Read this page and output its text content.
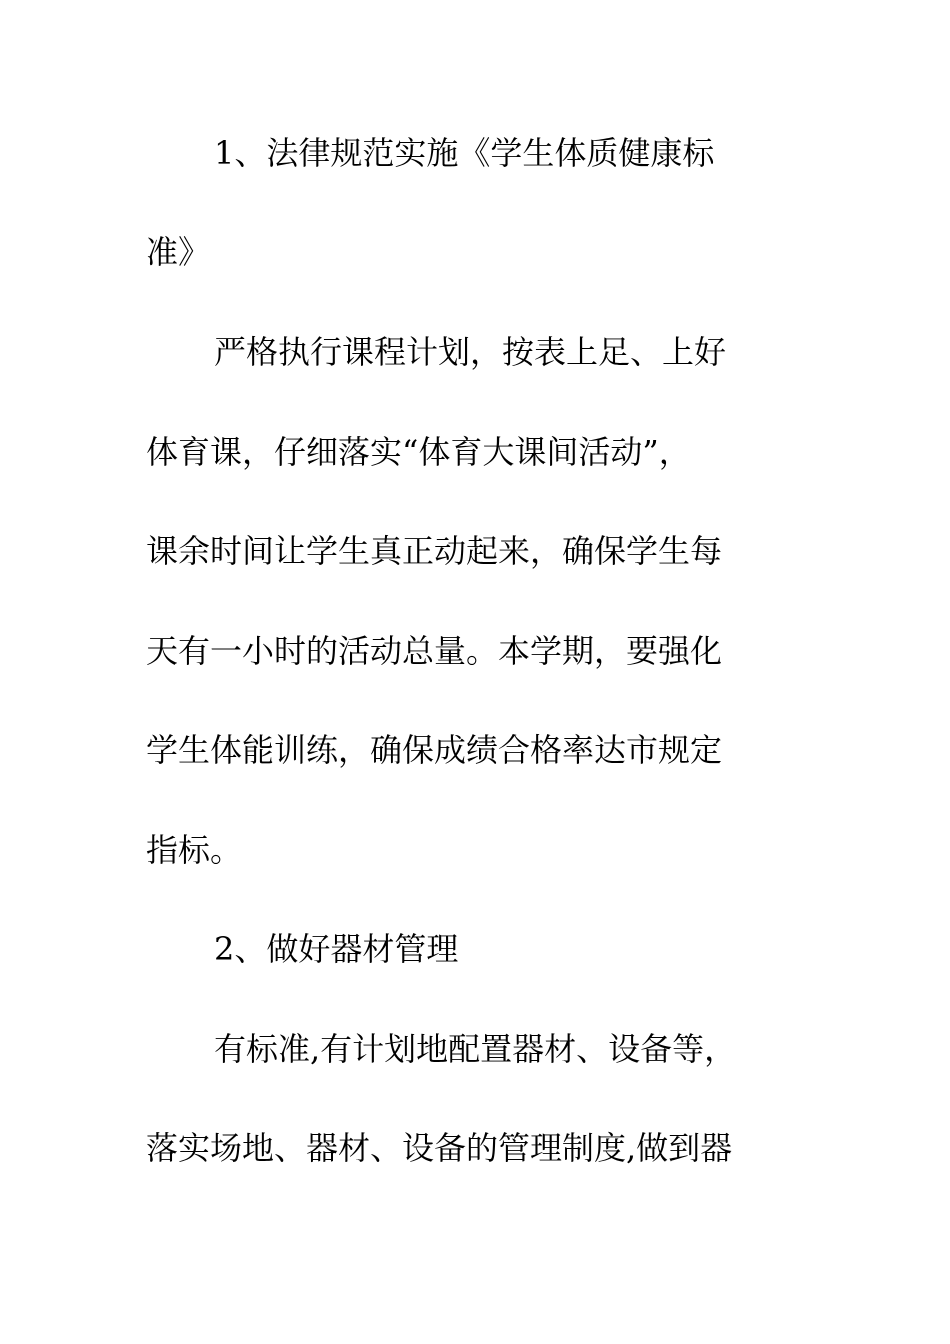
1、法律规范实施《学生体质健康标
准》
严格执行课程计划，按表上足、上好
体育课，仔细落实“体育大课间活动”，
课余时间让学生真正动起来，确保学生每
天有一小时的活动总量。本学期，要强化
学生体能训练，确保成绩合格率达市规定
指标。
2、做好器材管理
有标准,有计划地配置器材、设备等，
落实场地、器材、设备的管理制度,做到器
